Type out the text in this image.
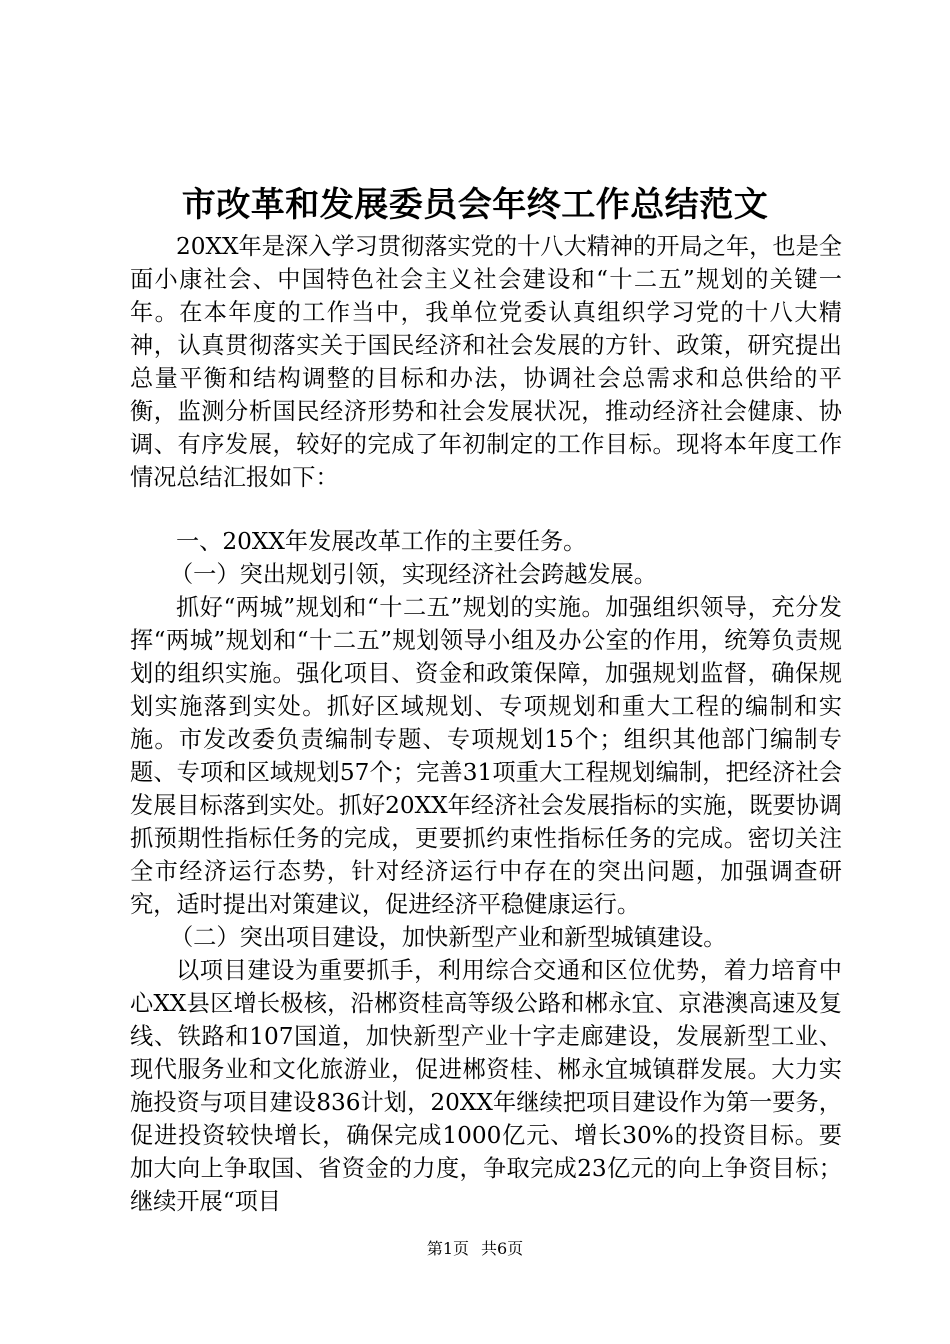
市改革和发展委员会年终工作总结范文

20XX年是深入学习贯彻落实党的十八大精神的开局之年，也是全面小康社会、中国特色社会主义社会建设和“十二五”规划的关键一年。在本年度的工作当中，我单位党委认真组织学习党的十八大精神，认真贯彻落实关于国民经济和社会发展的方针、政策，研究提出总量平衡和结构调整的目标和办法，协调社会总需求和总供给的平衡，监测分析国民经济形势和社会发展状况，推动经济社会健康、协调、有序发展，较好的完成了年初制定的工作目标。现将本年度工作情况总结汇报如下：

一、20XX年发展改革工作的主要任务。

（一）突出规划引领，实现经济社会跨越发展。

抓好“两城”规划和“十二五”规划的实施。加强组织领导，充分发挥“两城”规划和“十二五”规划领导小组及办公室的作用，统筹负责规划的组织实施。强化项目、资金和政策保障，加强规划监督，确保规划实施落到实处。抓好区域规划、专项规划和重大工程的编制和实施。市发改委负责编制专题、专项规划15个；组织其他部门编制专题、专项和区域规划57个；完善31项重大工程规划编制，把经济社会发展目标落到实处。抓好20XX年经济社会发展指标的实施，既要协调抓预期性指标任务的完成，更要抓约束性指标任务的完成。密切关注全市经济运行态势，针对经济运行中存在的突出问题，加强调查研究，适时提出对策建议，促进经济平稳健康运行。

（二）突出项目建设，加快新型产业和新型城镇建设。

以项目建设为重要抓手，利用综合交通和区位优势，着力培育中心XX县区增长极核，沿郴资桂高等级公路和郴永宜、京港澳高速及复线、铁路和107国道，加快新型产业十字走廊建设，发展新型工业、现代服务业和文化旅游业，促进郴资桂、郴永宜城镇群发展。大力实施投资与项目建设836计划，20XX年继续把项目建设作为第一要务，促进投资较快增长，确保完成1000亿元、增长30%的投资目标。要加大向上争取国、省资金的力度，争取完成23亿元的向上争资目标；继续开展“项目

第1页 共6页
